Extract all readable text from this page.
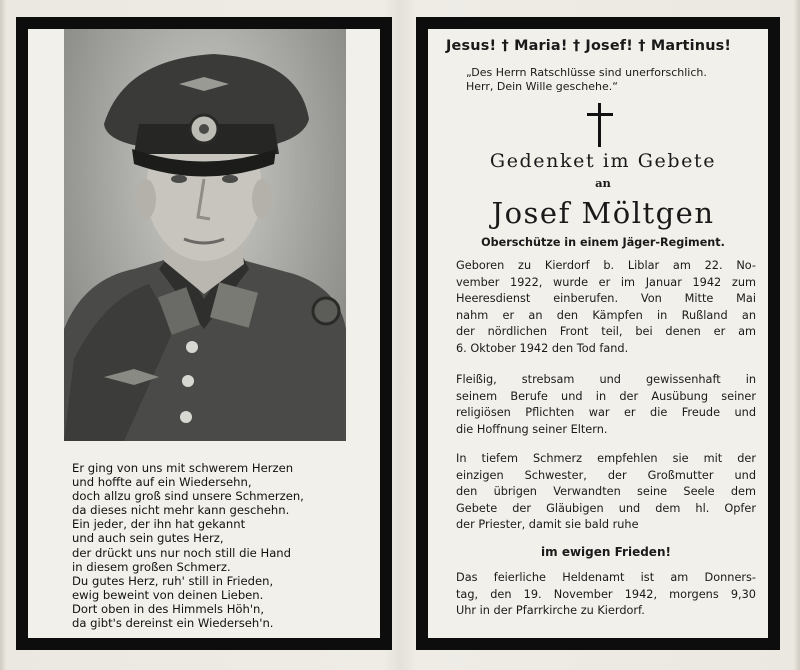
Er ging von uns mit schwerem Herzen
und hoffte auf ein Wiedersehn,
doch allzu groß sind unsere Schmerzen,
da dieses nicht mehr kann geschehn.
Ein jeder, der ihn hat gekannt
und auch sein gutes Herz,
der drückt uns nur noch still die Hand
in diesem großen Schmerz.
Du gutes Herz, ruh' still in Frieden,
ewig beweint von deinen Lieben.
Dort oben in des Himmels Höh'n,
da gibt's dereinst ein Wiederseh'n.
Jesus! † Maria! † Josef! † Martinus!
„Des Herrn Ratschlüsse sind unerforschlich.
Herr, Dein Wille geschehe.“
Gedenket im Gebete
an
Josef Möltgen
Oberschütze in einem Jäger-Regiment.
Geboren zu Kierdorf b. Liblar am 22. No-
vember 1922, wurde er im Januar 1942 zum
Heeresdienst einberufen. Von Mitte Mai
nahm er an den Kämpfen in Rußland an
der nördlichen Front teil, bei denen er am
6. Oktober 1942 den Tod fand.
Fleißig, strebsam und gewissenhaft in
seinem Berufe und in der Ausübung seiner
religiösen Pflichten war er die Freude und
die Hoffnung seiner Eltern.
In tiefem Schmerz empfehlen sie mit der
einzigen Schwester, der Großmutter und
den übrigen Verwandten seine Seele dem
Gebete der Gläubigen und dem hl. Opfer
der Priester, damit sie bald ruhe
im ewigen Frieden!
Das feierliche Heldenamt ist am Donners-
tag, den 19. November 1942, morgens 9,30
Uhr in der Pfarrkirche zu Kierdorf.
